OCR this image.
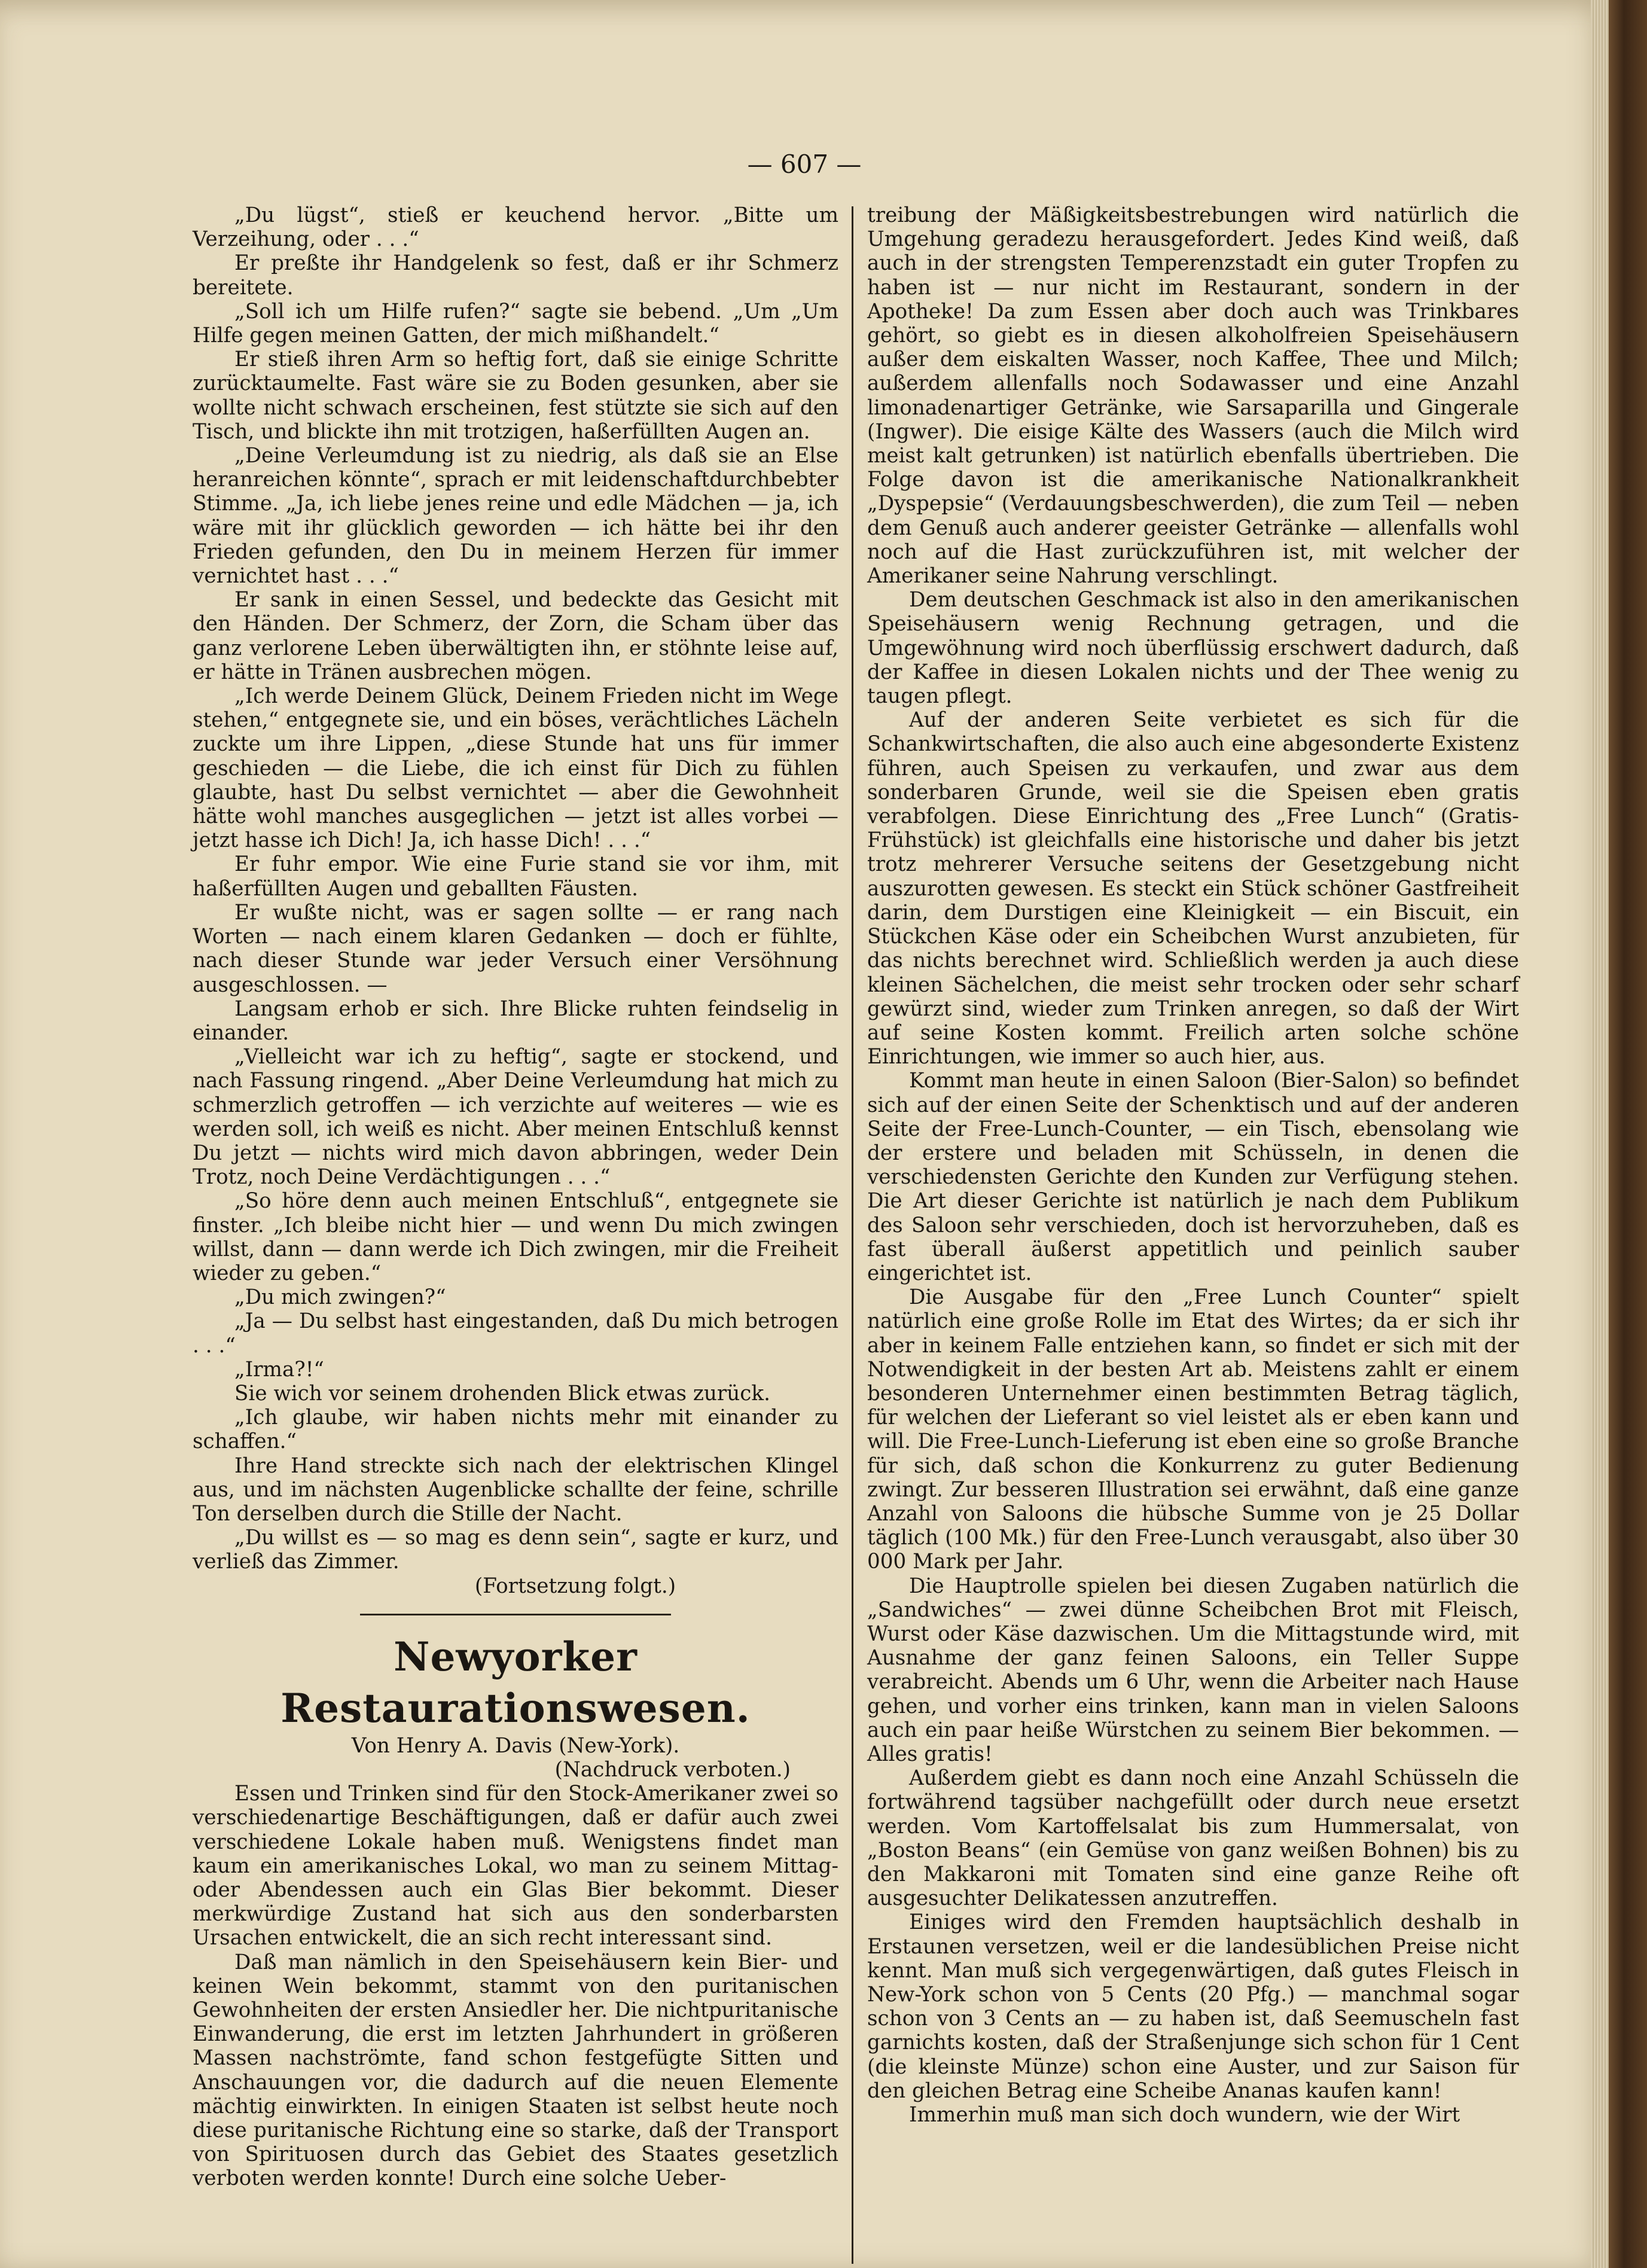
— 607 —

„Du lügst“, stieß er keuchend hervor. „Bitte um Verzeihung, oder . . .“

Er preßte ihr Handgelenk so fest, daß er ihr Schmerz bereitete.

„Soll ich um Hilfe rufen?“ sagte sie bebend. „Um „Um Hilfe gegen meinen Gatten, der mich mißhandelt.“

Er stieß ihren Arm so heftig fort, daß sie einige Schritte zurücktaumelte. Fast wäre sie zu Boden gesunken, aber sie wollte nicht schwach erscheinen, fest stützte sie sich auf den Tisch, und blickte ihn mit trotzigen, haßerfüllten Augen an.

„Deine Verleumdung ist zu niedrig, als daß sie an Else heranreichen könnte“, sprach er mit leidenschaftdurchbebter Stimme. „Ja, ich liebe jenes reine und edle Mädchen — ja, ich wäre mit ihr glücklich geworden — ich hätte bei ihr den Frieden gefunden, den Du in meinem Herzen für immer vernichtet hast . . .“

Er sank in einen Sessel, und bedeckte das Gesicht mit den Händen. Der Schmerz, der Zorn, die Scham über das ganz verlorene Leben überwältigten ihn, er stöhnte leise auf, er hätte in Tränen ausbrechen mögen.

„Ich werde Deinem Glück, Deinem Frieden nicht im Wege stehen,“ entgegnete sie, und ein böses, verächtliches Lächeln zuckte um ihre Lippen, „diese Stunde hat uns für immer geschieden — die Liebe, die ich einst für Dich zu fühlen glaubte, hast Du selbst vernichtet — aber die Gewohnheit hätte wohl manches ausgeglichen — jetzt ist alles vorbei — jetzt hasse ich Dich! Ja, ich hasse Dich! . . .“

Er fuhr empor. Wie eine Furie stand sie vor ihm, mit haßerfüllten Augen und geballten Fäusten.

Er wußte nicht, was er sagen sollte — er rang nach Worten — nach einem klaren Gedanken — doch er fühlte, nach dieser Stunde war jeder Versuch einer Versöhnung ausgeschlossen. —

Langsam erhob er sich. Ihre Blicke ruhten feindselig in einander.

„Vielleicht war ich zu heftig“, sagte er stockend, und nach Fassung ringend. „Aber Deine Verleumdung hat mich zu schmerzlich getroffen — ich verzichte auf weiteres — wie es werden soll, ich weiß es nicht. Aber meinen Entschluß kennst Du jetzt — nichts wird mich davon abbringen, weder Dein Trotz, noch Deine Verdächtigungen . . .“

„So höre denn auch meinen Entschluß“, entgegnete sie finster. „Ich bleibe nicht hier — und wenn Du mich zwingen willst, dann — dann werde ich Dich zwingen, mir die Freiheit wieder zu geben.“

„Du mich zwingen?“

„Ja — Du selbst hast eingestanden, daß Du mich betrogen . . .“

„Irma?!“

Sie wich vor seinem drohenden Blick etwas zurück.

„Ich glaube, wir haben nichts mehr mit einander zu schaffen.“

Ihre Hand streckte sich nach der elektrischen Klingel aus, und im nächsten Augenblicke schallte der feine, schrille Ton derselben durch die Stille der Nacht.

„Du willst es — so mag es denn sein“, sagte er kurz, und verließ das Zimmer.

(Fortsetzung folgt.)

Newyorker Restaurationswesen.

Von Henry A. Davis (New-York).

(Nachdruck verboten.)

Essen und Trinken sind für den Stock-Amerikaner zwei so verschiedenartige Beschäftigungen, daß er dafür auch zwei verschiedene Lokale haben muß. Wenigstens findet man kaum ein amerikanisches Lokal, wo man zu seinem Mittag- oder Abendessen auch ein Glas Bier bekommt. Dieser merkwürdige Zustand hat sich aus den sonderbarsten Ursachen entwickelt, die an sich recht interessant sind.

Daß man nämlich in den Speisehäusern kein Bier- und keinen Wein bekommt, stammt von den puritanischen Gewohnheiten der ersten Ansiedler her. Die nichtpuritanische Einwanderung, die erst im letzten Jahrhundert in größeren Massen nachströmte, fand schon festgefügte Sitten und Anschauungen vor, die dadurch auf die neuen Elemente mächtig einwirkten. In einigen Staaten ist selbst heute noch diese puritanische Richtung eine so starke, daß der Transport von Spirituosen durch das Gebiet des Staates gesetzlich verboten werden konnte! Durch eine solche Ueber-

treibung der Mäßigkeitsbestrebungen wird natürlich die Umgehung geradezu herausgefordert. Jedes Kind weiß, daß auch in der strengsten Temperenzstadt ein guter Tropfen zu haben ist — nur nicht im Restaurant, sondern in der Apotheke! Da zum Essen aber doch auch was Trinkbares gehört, so giebt es in diesen alkoholfreien Speisehäusern außer dem eiskalten Wasser, noch Kaffee, Thee und Milch; außerdem allenfalls noch Sodawasser und eine Anzahl limonadenartiger Getränke, wie Sarsaparilla und Gingerale (Ingwer). Die eisige Kälte des Wassers (auch die Milch wird meist kalt getrunken) ist natürlich ebenfalls übertrieben. Die Folge davon ist die amerikanische Nationalkrankheit „Dyspepsie“ (Verdauungsbeschwerden), die zum Teil — neben dem Genuß auch anderer geeister Getränke — allenfalls wohl noch auf die Hast zurückzuführen ist, mit welcher der Amerikaner seine Nahrung verschlingt.

Dem deutschen Geschmack ist also in den amerikanischen Speisehäusern wenig Rechnung getragen, und die Umgewöhnung wird noch überflüssig erschwert dadurch, daß der Kaffee in diesen Lokalen nichts und der Thee wenig zu taugen pflegt.

Auf der anderen Seite verbietet es sich für die Schankwirtschaften, die also auch eine abgesonderte Existenz führen, auch Speisen zu verkaufen, und zwar aus dem sonderbaren Grunde, weil sie die Speisen eben gratis verabfolgen. Diese Einrichtung des „Free Lunch“ (Gratis-Frühstück) ist gleichfalls eine historische und daher bis jetzt trotz mehrerer Versuche seitens der Gesetzgebung nicht auszurotten gewesen. Es steckt ein Stück schöner Gastfreiheit darin, dem Durstigen eine Kleinigkeit — ein Biscuit, ein Stückchen Käse oder ein Scheibchen Wurst anzubieten, für das nichts berechnet wird. Schließlich werden ja auch diese kleinen Sächelchen, die meist sehr trocken oder sehr scharf gewürzt sind, wieder zum Trinken anregen, so daß der Wirt auf seine Kosten kommt. Freilich arten solche schöne Einrichtungen, wie immer so auch hier, aus.

Kommt man heute in einen Saloon (Bier-Salon) so befindet sich auf der einen Seite der Schenktisch und auf der anderen Seite der Free-Lunch-Counter, — ein Tisch, ebensolang wie der erstere und beladen mit Schüsseln, in denen die verschiedensten Gerichte den Kunden zur Verfügung stehen. Die Art dieser Gerichte ist natürlich je nach dem Publikum des Saloon sehr verschieden, doch ist hervorzuheben, daß es fast überall äußerst appetitlich und peinlich sauber eingerichtet ist.

Die Ausgabe für den „Free Lunch Counter“ spielt natürlich eine große Rolle im Etat des Wirtes; da er sich ihr aber in keinem Falle entziehen kann, so findet er sich mit der Notwendigkeit in der besten Art ab. Meistens zahlt er einem besonderen Unternehmer einen bestimmten Betrag täglich, für welchen der Lieferant so viel leistet als er eben kann und will. Die Free-Lunch-Lieferung ist eben eine so große Branche für sich, daß schon die Konkurrenz zu guter Bedienung zwingt. Zur besseren Illustration sei erwähnt, daß eine ganze Anzahl von Saloons die hübsche Summe von je 25 Dollar täglich (100 Mk.) für den Free-Lunch verausgabt, also über 30 000 Mark per Jahr.

Die Hauptrolle spielen bei diesen Zugaben natürlich die „Sandwiches“ — zwei dünne Scheibchen Brot mit Fleisch, Wurst oder Käse dazwischen. Um die Mittagstunde wird, mit Ausnahme der ganz feinen Saloons, ein Teller Suppe verabreicht. Abends um 6 Uhr, wenn die Arbeiter nach Hause gehen, und vorher eins trinken, kann man in vielen Saloons auch ein paar heiße Würstchen zu seinem Bier bekommen. — Alles gratis!

Außerdem giebt es dann noch eine Anzahl Schüsseln die fortwährend tagsüber nachgefüllt oder durch neue ersetzt werden. Vom Kartoffelsalat bis zum Hummersalat, von „Boston Beans“ (ein Gemüse von ganz weißen Bohnen) bis zu den Makkaroni mit Tomaten sind eine ganze Reihe oft ausgesuchter Delikatessen anzutreffen.

Einiges wird den Fremden hauptsächlich deshalb in Erstaunen versetzen, weil er die landesüblichen Preise nicht kennt. Man muß sich vergegenwärtigen, daß gutes Fleisch in New-York schon von 5 Cents (20 Pfg.) — manchmal sogar schon von 3 Cents an — zu haben ist, daß Seemuscheln fast garnichts kosten, daß der Straßenjunge sich schon für 1 Cent (die kleinste Münze) schon eine Auster, und zur Saison für den gleichen Betrag eine Scheibe Ananas kaufen kann!

Immerhin muß man sich doch wundern, wie der Wirt
